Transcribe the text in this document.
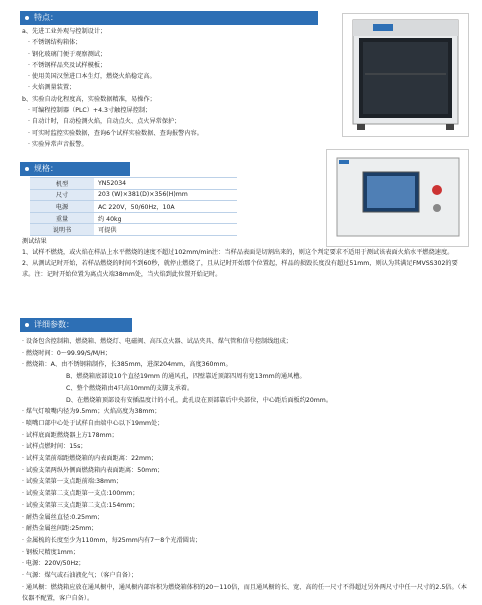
特点：
a、先进工业外观与控制设计；
· 不锈钢结构箱体；
· 钢化玻璃门便于观察测试；
· 不锈钢样品夹及试样模板；
· 使用美国汉堡进口本生灯，燃烧火焰稳定高。
· 火焰测量装置；
b、实验自动化程度高，实验数据精准，易操作；
· 可编程控制器（PLC）+4.3寸触控屏控制；
· 自动计时，自动检测火焰，自动点火、点火异常保护；
· 可实时监控实验数据，查询6个试样实验数据、查询报警内容。
· 实验异常声音报警。
规格：
机型	YN52034
尺寸	203 (W)×381(D)×356(H)mm
电源	AC 220V，50/60Hz，10A
重量	约 40kg
说明书	可提供
测试结果
1、试样不燃烧，或火焰在样品上水平燃烧的速度不超过102mm/min注：当样品表面是切割出来的，则这个判定要求不适用于测试该表面火焰水平燃烧速度。
2、从测试记时开始，若样品燃烧的时间不到60秒，就停止燃烧了，且从记时开始那个位置起，样品的损毁长度没有超过51mm，则认为其满足FMVSS302的要求。注：记时开始位置为离点火端38mm处，当火焰到此位置开始记时。
详细参数：
· 设备包含控制箱、燃烧箱、燃烧灯、电磁阀、高压点火器、试品夹具、煤气管和信号控制线组成；
· 燃烧时间：0～99.99/S/M/H；
· 燃烧箱：A、由不锈钢箱制作，长385mm，进深204mm，高度360mm。
B、燃烧箱底部设10个直径19mm 的通风孔，四壁靠近顶部四周有宽13mm的通风槽。
C、整个燃烧箱由4只高10mm的支脚支承着。
D、在燃烧箱顶部设有安插温度计的小孔，此孔设在顶部靠后中央部位，中心距后面板约20mm。
· 煤气灯喷嘴内径为9.5mm；火焰高度为38mm；
· 喷嘴口部中心处于试样自由端中心以下19mm处；
· 试样底面距燃烧器上方178mm；
· 试样点燃时间：15s；
· 试样支架前端距燃烧箱的内表面距离：22mm；
· 试验支架两纵外侧面燃烧箱内表面距离：50mm；
· 试验支架第一支点距前端:38mm；
· 试验支架第二支点距第一支点:100mm；
· 试验支架第三支点距第二支点:154mm；
· 耐热金属丝直径:0.25mm；
· 耐热金属丝间距:25mm；
· 金属梳的长度至少为110mm，每25mm内有7～8个光滑圆齿；
· 钢板尺精度1mm；
· 电源：220V/50Hz；
· 气源：煤气或石油液化气；（客户自备）；
· 通风橱：燃烧箱应放在通风橱中，通风橱内部容积为燃烧箱体积的20～110倍，而且通风橱的长、宽、高的任一尺寸不得超过另外两尺寸中任一尺寸的2.5倍。（本仪器不配置，客户自备）。
